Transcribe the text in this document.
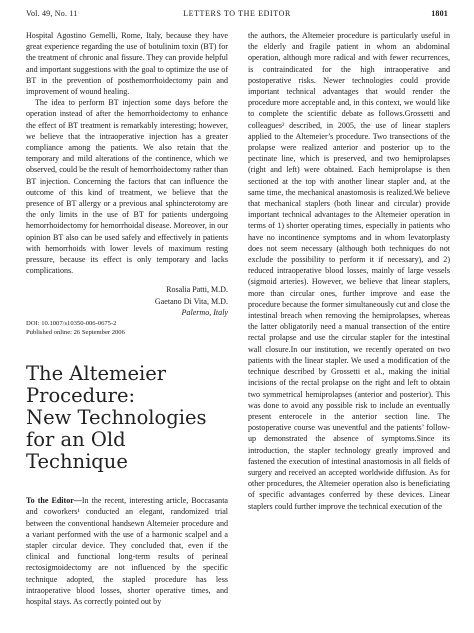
Vol. 49, No. 11	LETTERS TO THE EDITOR	1801

Hospital Agostino Gemelli, Rome, Italy, because they have great experience regarding the use of botulinim toxin (BT) for the treatment of chronic anal fissure. They can provide helpful and important suggestions with the goal to optimize the use of BT in the prevention of posthemorrhoidectomy pain and improvement of wound healing.

The idea to perform BT injection some days before the operation instead of after the hemorrhoidectomy to enhance the effect of BT treatment is remarkably interesting; however, we believe that the intraoperative injection has a greater compliance among the patients. We also retain that the temporary and mild alterations of the continence, which we observed, could be the result of hemorrhoidectomy rather than BT injection. Concerning the factors that can influence the outcome of this kind of treatment, we believe that the presence of BT allergy or a previous anal sphincterotomy are the only limits in the use of BT for patients undergoing hemorrhoidectomy for hemorrhoidal disease. Moreover, in our opinion BT also can be used safely and effectively in patients with hemorrhoids with lower levels of maximum resting pressure, because its effect is only temporary and lacks complications.

Rosalia Patti, M.D.
Gaetano Di Vita, M.D.
Palermo, Italy
DOI: 10.1007/s10350-006-0675-2
Published online: 26 September 2006
The Altemeier Procedure:
New Technologies
for an Old Technique

To the Editor—In the recent, interesting article, Boccasanta and coworkers¹ conducted an elegant, randomized trial between the conventional handsewn Altemeier procedure and a variant performed with the use of a harmonic scalpel and a stapler circular device. They concluded that, even if the clinical and functional long-term results of perineal rectosigmoidectomy are not influenced by the specific technique adopted, the stapled procedure has less intraoperative blood losses, shorter operative times, and hospital stays. As correctly pointed out by

the authors, the Altemeier procedure is particularly useful in the elderly and fragile patient in whom an abdominal operation, although more radical and with fewer recurrences, is contraindicated for the high intraoperative and postoperative risks. Newer technologies could provide important technical advantages that would render the procedure more acceptable and, in this context, we would like to complete the scientific debate as follows.Grossetti and colleagues² described, in 2005, the use of linear staplers applied to the Altemeier’s procedure. Two transections of the prolapse were realized anterior and posterior up to the pectinate line, which is preserved, and two hemiprolapses (right and left) were obtained. Each hemiprolapse is then sectioned at the top with another linear stapler and, at the same time, the mechanical anastomosis is realized.We believe that mechanical staplers (both linear and circular) provide important technical advantages to the Altemeier operation in terms of 1) shorter operating times, especially in patients who have no incontinence symptoms and in whom levatorplasty does not seem necessary (although both techniques do not exclude the possibility to perform it if necessary), and 2) reduced intraoperative blood losses, mainly of large vessels (sigmoid arteries). However, we believe that linear staplers, more than circular ones, further improve and ease the procedure because the former simultaneously cut and close the intestinal breach when removing the hemiprolapses, whereas the latter obligatorily need a manual transection of the entire rectal prolapse and use the circular stapler for the intestinal wall closure.In our institution, we recently operated on two patients with the linear stapler. We used a modification of the technique described by Grossetti et al., making the initial incisions of the rectal prolapse on the right and left to obtain two symmetrical hemiprolapses (anterior and posterior). This was done to avoid any possible risk to include an eventually present enterocele in the anterior section line. The postoperative course was uneventful and the patients’ follow-up demonstrated the absence of symptoms.Since its introduction, the stapler technology greatly improved and fastened the execution of intestinal anastomosis in all fields of surgery and received an accepted worldwide diffusion. As for other procedures, the Altemeier operation also is beneficiating of specific advantages conferred by these devices. Linear staplers could further improve the technical execution of the
